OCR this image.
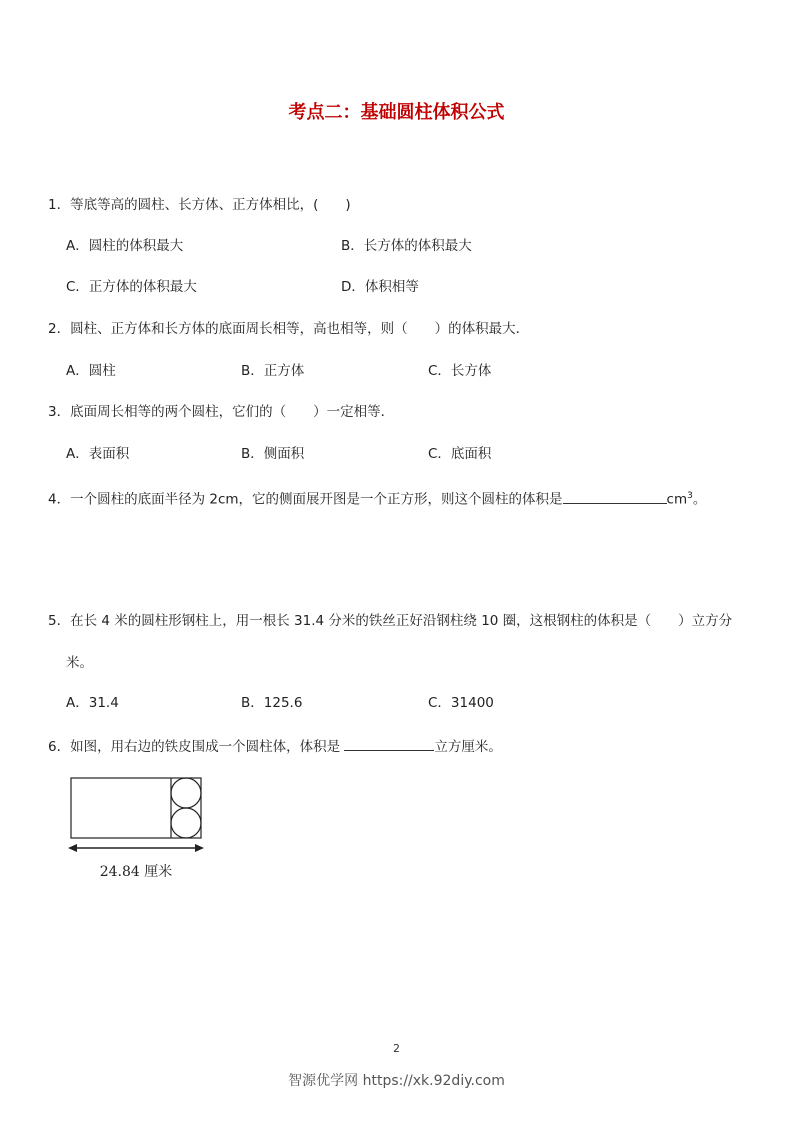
考点二：基础圆柱体积公式
1．等底等高的圆柱、长方体、正方体相比，(　　)
A．圆柱的体积最大	B．长方体的体积最大
C．正方体的体积最大	D．体积相等
2．圆柱、正方体和长方体的底面周长相等，高也相等，则（　　）的体积最大．
A．圆柱	B．正方体	C．长方体
3．底面周长相等的两个圆柱，它们的（　　）一定相等．
A．表面积	B．侧面积	C．底面积
4．一个圆柱的底面半径为 2cm，它的侧面展开图是一个正方形，则这个圆柱的体积是	$cm^3$。
5．在长 4 米的圆柱形钢柱上，用一根长 31.4 分米的铁丝正好沿钢柱绕 10 圈，这根钢柱的体积是（　　）立方分
米。
A．31.4	B．125.6	C．31400
6．如图，用右边的铁皮围成一个圆柱体，体积是	立方厘米。
24.84 厘米
2
智源优学网 https://xk.92diy.com
